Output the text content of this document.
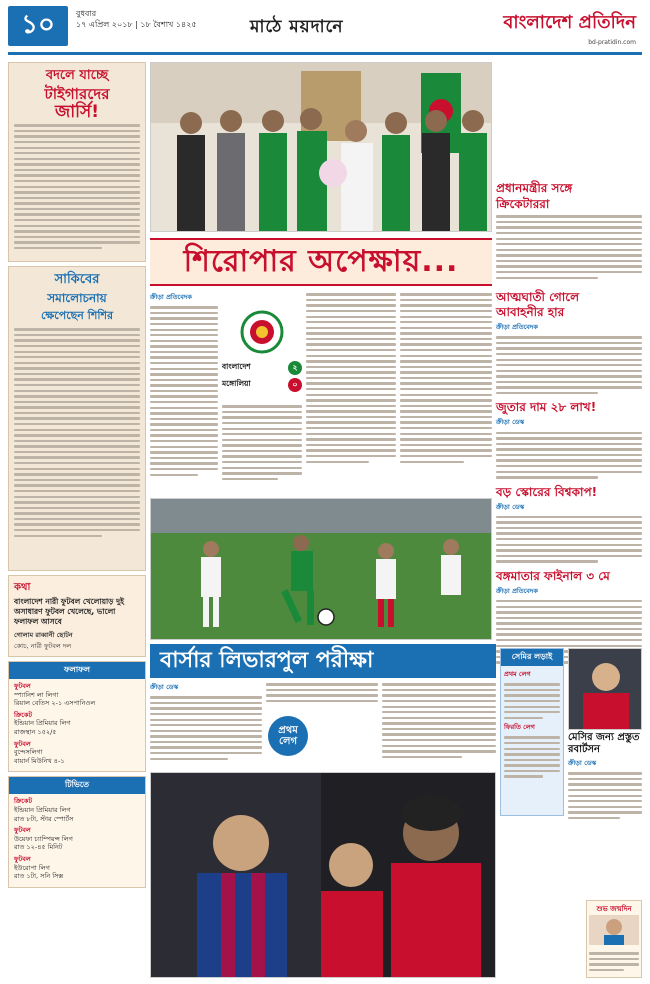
১০	বুধবার
১৭ এপ্রিল ২০১৮ | ১৮ বৈশাখ ১৪২৫	মাঠে ময়দানে	বাংলাদেশ প্রতিদিন
bd-pratidin.com
বদলে যাচ্ছে
টাইগারদের
জার্সি!
সাকিবের
সমালোচনায়
ক্ষেপেছেন শিশির
কথা
বাংলাদেশ নারী ফুটবল খেলোয়াড় দুই অসাধারণ ফুটবল খেলেছে, ভালো ফলাফল আসবে
গোলাম রাব্বানী ছোটন
কোচ, নারী ফুটবল দল
ফলাফল
ফুটবল
স্প্যানিশ লা লিগা
রিয়াল বেতিস ২-১ এসপানিওল
ক্রিকেট
ইন্ডিয়ান প্রিমিয়ার লিগ
রাজস্থান ১৫২/৫
ফুটবল
বুন্দেসলিগা
বায়ার্ন মিউনিখ ৪-১
টিভিতে
ক্রিকেট
ইন্ডিয়ান প্রিমিয়ার লিগ
রাত ৮টা, স্টার স্পোর্টস
ফুটবল
উয়েফা চ্যাম্পিয়ন্স লিগ
রাত ১২-৪৫ মিনিট
ফুটবল
ইউরোপা লিগ
রাত ১টা, সনি সিক্স
প্রধানমন্ত্রীর সঙ্গে
ক্রিকেটাররা
শিরোপার অপেক্ষায়...
ক্রীড়া প্রতিবেদক
বাংলাদেশ	২
মঙ্গোলিয়া	০
আত্মঘাতী গোলে
আবাহনীর হার
ক্রীড়া প্রতিবেদক
জুতার দাম ২৮ লাখ!
ক্রীড়া ডেস্ক
বড় স্কোরের বিশ্বকাপ!
ক্রীড়া ডেস্ক
বঙ্গমাতার ফাইনাল ৩ মে
ক্রীড়া প্রতিবেদক
বার্সার লিভারপুল পরীক্ষা
ক্রীড়া ডেস্ক
প্রথম লেগ
সেমির লড়াই
প্রথম লেগ
ফিরতি লেগ
মেসির জন্য প্রস্তুত রবার্টসন
ক্রীড়া ডেস্ক
শুভ জন্মদিন
